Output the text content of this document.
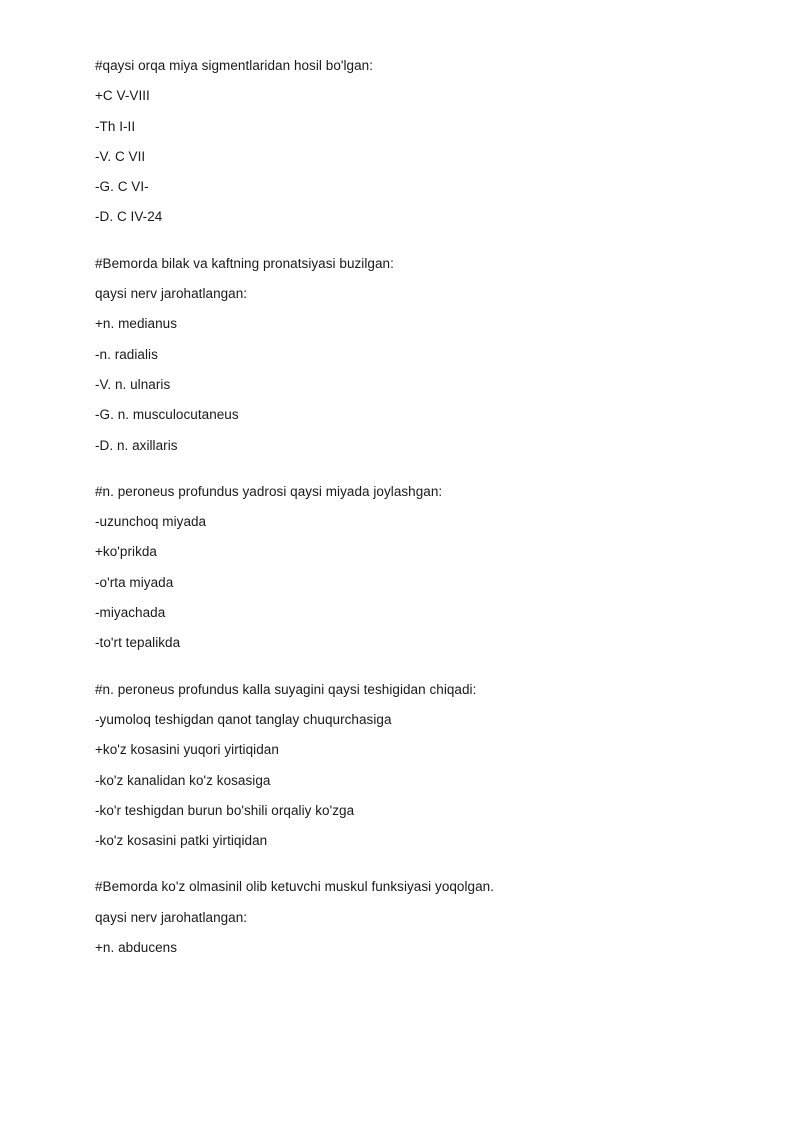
#qaysi orqa miya sigmentlaridan hosil bo'lgan:
+C V-VIII
-Th I-II
-V. C VII
-G. C VI-
-D. C IV-24
#Bemorda bilak va kaftning pronatsiyasi buzilgan:
qaysi nerv jarohatlangan:
+n. medianus
-n. radialis
-V. n. ulnaris
-G. n. musculocutaneus
-D. n. axillaris
#n. peroneus profundus yadrosi qaysi miyada joylashgan:
-uzunchoq miyada
+ko'prikda
-o'rta miyada
-miyachada
-to'rt tepalikda
#n. peroneus profundus kalla suyagini qaysi teshigidan chiqadi:
-yumoloq teshigdan qanot tanglay chuqurchasiga
+ko'z kosasini yuqori yirtiqidan
-ko'z kanalidan ko'z kosasiga
-ko'r teshigdan burun bo'shili orqaliy ko'zga
-ko'z kosasini patki yirtiqidan
#Bemorda ko'z olmasinil olib ketuvchi muskul funksiyasi yoqolgan.
qaysi nerv jarohatlangan:
+n. abducens
